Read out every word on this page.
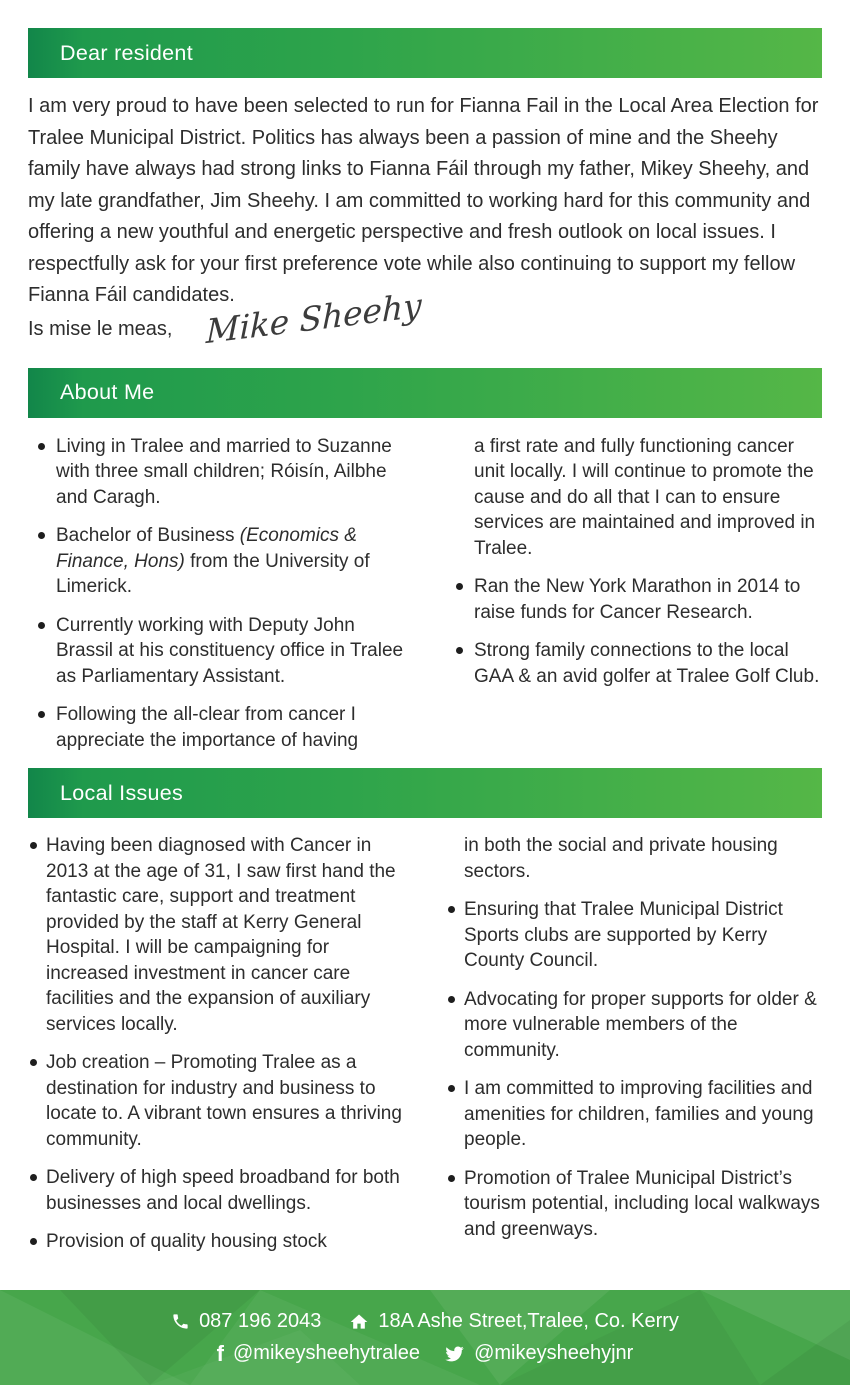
Dear resident

I am very proud to have been selected to run for Fianna Fail in the Local Area Election for Tralee Municipal District. Politics has always been a passion of mine and the Sheehy family have always had strong links to Fianna Fáil through my father, Mikey Sheehy, and my late grandfather, Jim Sheehy. I am committed to working hard for this community and offering a new youthful and energetic perspective and fresh outlook on local issues. I respectfully ask for your first preference vote while also continuing to support my fellow Fianna Fáil candidates.

Is mise le meas, Mike Sheehy
About Me
Living in Tralee and married to Suzanne with three small children; Róisín, Ailbhe and Caragh.
Bachelor of Business (Economics & Finance, Hons) from the University of Limerick.
Currently working with Deputy John Brassil at his constituency office in Tralee as Parliamentary Assistant.
Following the all-clear from cancer I appreciate the importance of having
a first rate and fully functioning cancer unit locally. I will continue to promote the cause and do all that I can to ensure services are maintained and improved in Tralee.
Ran the New York Marathon in 2014 to raise funds for Cancer Research.
Strong family connections to the local GAA & an avid golfer at Tralee Golf Club.
Local Issues
Having been diagnosed with Cancer in 2013 at the age of 31, I saw first hand the fantastic care, support and treatment provided by the staff at Kerry General Hospital. I will be campaigning for increased investment in cancer care facilities and the expansion of auxiliary services locally.
Job creation – Promoting Tralee as a destination for industry and business to locate to. A vibrant town ensures a thriving community.
Delivery of high speed broadband for both businesses and local dwellings.
Provision of quality housing stock
in both the social and private housing sectors.
Ensuring that Tralee Municipal District Sports clubs are supported by Kerry County Council.
Advocating for proper supports for older & more vulnerable members of the community.
I am committed to improving facilities and amenities for children, families and young people.
Promotion of Tralee Municipal District’s tourism potential, including local walkways and greenways.
087 196 2043	18A Ashe Street,Tralee, Co. Kerry
f @mikeysheehytralee	@mikeysheehyjnr
